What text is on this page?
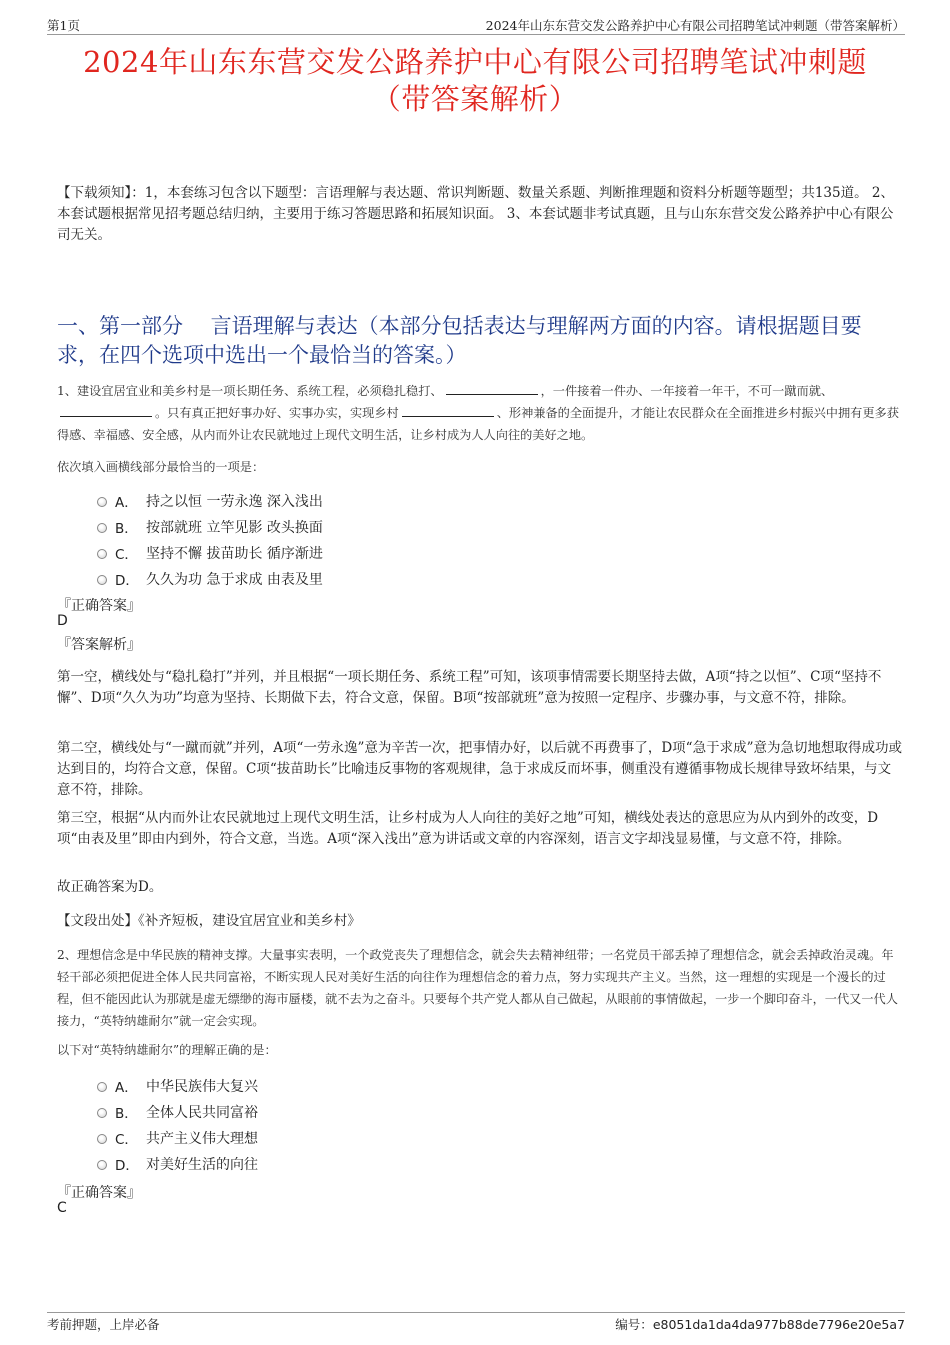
第1页	2024年山东东营交发公路养护中心有限公司招聘笔试冲刺题（带答案解析）
2024年山东东营交发公路养护中心有限公司招聘笔试冲刺题
（带答案解析）
【下载须知】：1，本套练习包含以下题型：言语理解与表达题、常识判断题、数量关系题、判断推理题和资料分析题等题型；共135道。 2、本套试题根据常见招考题总结归纳，主要用于练习答题思路和拓展知识面。 3、本套试题非考试真题，且与山东东营交发公路养护中心有限公司无关。
一、第一部分　 言语理解与表达（本部分包括表达与理解两方面的内容。请根据题目要求，在四个选项中选出一个最恰当的答案。）
1、建设宜居宜业和美乡村是一项长期任务、系统工程，必须稳扎稳打、	，一件接着一件办、一年接着一年干，不可一蹴而就、。只有真正把好事办好、实事办实，实现乡村	、形神兼备的全面提升，才能让农民群众在全面推进乡村振兴中拥有更多获得感、幸福感、安全感，从内而外让农民就地过上现代文明生活，让乡村成为人人向往的美好之地。
依次填入画横线部分最恰当的一项是：
A． 持之以恒 一劳永逸 深入浅出
B． 按部就班 立竿见影 改头换面
C． 坚持不懈 拔苗助长 循序渐进
D． 久久为功 急于求成 由表及里
『正确答案』
D
『答案解析』
第一空，横线处与“稳扎稳打”并列，并且根据“一项长期任务、系统工程”可知，该项事情需要长期坚持去做，A项“持之以恒”、C项“坚持不懈”、D项“久久为功”均意为坚持、长期做下去，符合文意，保留。B项“按部就班”意为按照一定程序、步骤办事，与文意不符，排除。
第二空，横线处与“一蹴而就”并列，A项“一劳永逸”意为辛苦一次，把事情办好，以后就不再费事了，D项“急于求成”意为急切地想取得成功或达到目的，均符合文意，保留。C项“拔苗助长”比喻违反事物的客观规律，急于求成反而坏事，侧重没有遵循事物成长规律导致坏结果，与文意不符，排除。
第三空，根据“从内而外让农民就地过上现代文明生活，让乡村成为人人向往的美好之地”可知，横线处表达的意思应为从内到外的改变，D项“由表及里”即由内到外，符合文意，当选。A项“深入浅出”意为讲话或文章的内容深刻，语言文字却浅显易懂，与文意不符，排除。
故正确答案为D。
【文段出处】《补齐短板，建设宜居宜业和美乡村》
2、理想信念是中华民族的精神支撑。大量事实表明，一个政党丧失了理想信念，就会失去精神纽带；一名党员干部丢掉了理想信念，就会丢掉政治灵魂。年轻干部必须把促进全体人民共同富裕，不断实现人民对美好生活的向往作为理想信念的着力点，努力实现共产主义。当然，这一理想的实现是一个漫长的过程，但不能因此认为那就是虚无缥缈的海市蜃楼，就不去为之奋斗。只要每个共产党人都从自己做起，从眼前的事情做起，一步一个脚印奋斗，一代又一代人接力，“英特纳雄耐尔”就一定会实现。
以下对“英特纳雄耐尔”的理解正确的是：
A． 中华民族伟大复兴
B． 全体人民共同富裕
C． 共产主义伟大理想
D． 对美好生活的向往
『正确答案』
C
考前押题，上岸必备	编号：e8051da1da4da977b88de7796e20e5a7
